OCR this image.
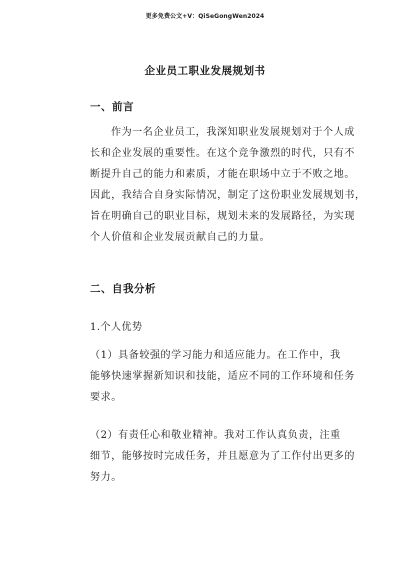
更多免费公文+V：QiSeGongWen2024
企业员工职业发展规划书
一、前言
作为一名企业员工，我深知职业发展规划对于个人成
长和企业发展的重要性。在这个竞争激烈的时代，只有不
断提升自己的能力和素质，才能在职场中立于不败之地。
因此，我结合自身实际情况，制定了这份职业发展规划书，
旨在明确自己的职业目标，规划未来的发展路径，为实现
个人价值和企业发展贡献自己的力量。
二、自我分析
1.个人优势
（1）具备较强的学习能力和适应能力。在工作中，我
能够快速掌握新知识和技能，适应不同的工作环境和任务
要求。
（2）有责任心和敬业精神。我对工作认真负责，注重
细节，能够按时完成任务，并且愿意为了工作付出更多的
努力。
